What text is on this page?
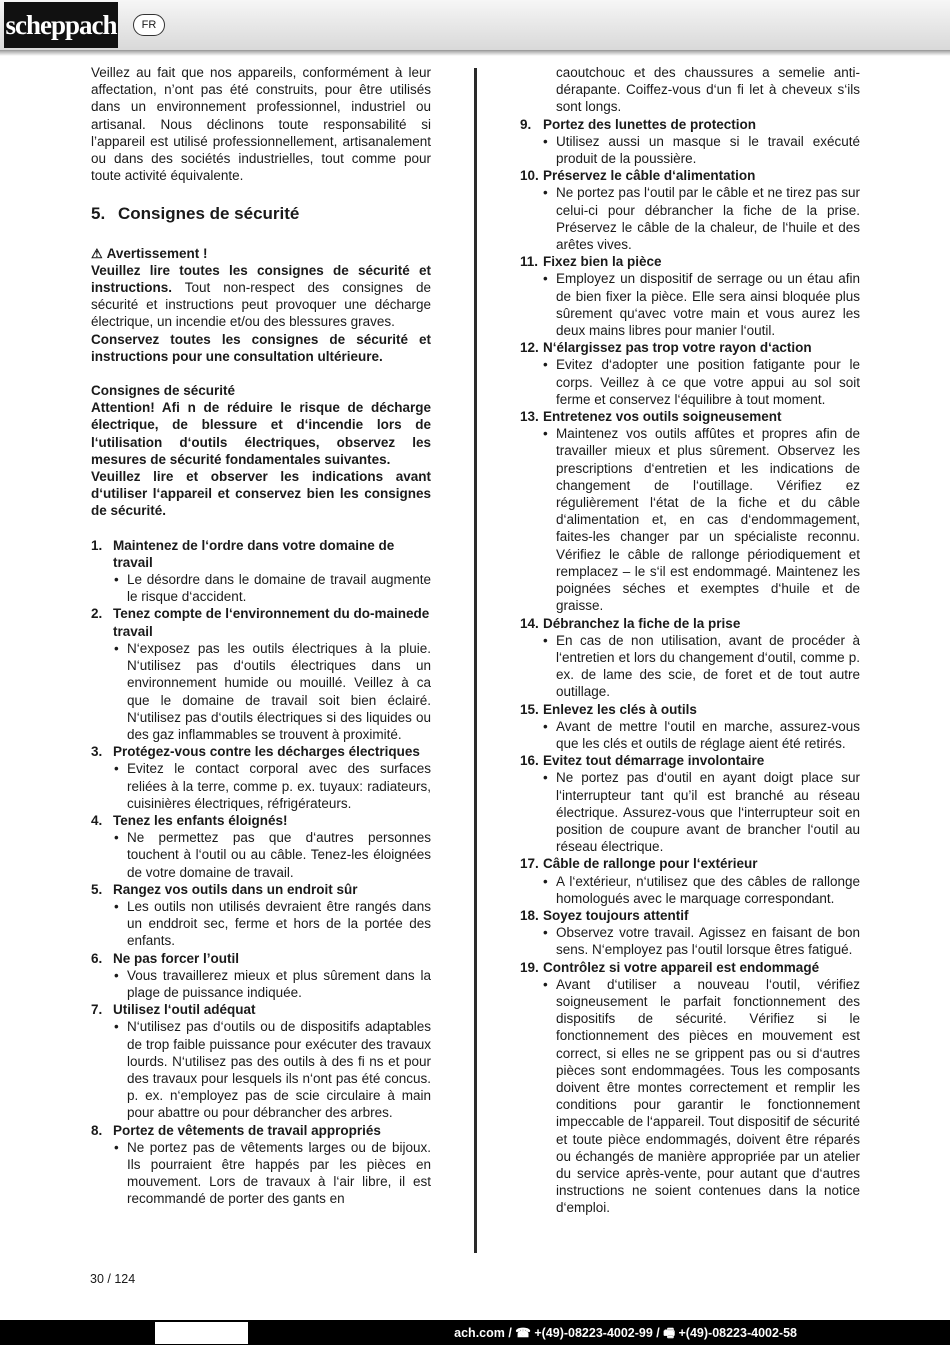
scheppach	FR

Veillez au fait que nos appareils, conformément à leur affectation, n’ont pas été construits, pour être utilisés dans un environnement professionnel, industriel ou artisanal. Nous déclinons toute responsabilité si l’appareil est utilisé professionnellement, artisanalement ou dans des sociétés industrielles, tout comme pour toute activité équivalente.

5. Consignes de sécurité

⚠ Avertissement !

Veuillez lire toutes les consignes de sécurité et instructions. Tout non-respect des consignes de sécurité et instructions peut provoquer une décharge électrique, un incendie et/ou des blessures graves.

Conservez toutes les consignes de sécurité et instructions pour une consultation ultérieure.

Consignes de sécurité

Attention! Afi n de réduire le risque de décharge électrique, de blessure et d‘incendie lors de l‘utilisation d‘outils électriques, observez les mesures de sécurité fondamentales suivantes.

Veuillez lire et observer les indications avant d‘utiliser l‘appareil et conservez bien les consignes de sécurité.

1. Maintenez de l‘ordre dans votre domaine de travail
• Le désordre dans le domaine de travail augmente le risque d‘accident.
2. Tenez compte de l‘environnement du do-mainede travail
• N‘exposez pas les outils électriques à la pluie. N‘utilisez pas d‘outils électriques dans un environnement humide ou mouillé. Veillez à ca que le domaine de travail soit bien éclairé. N‘utilisez pas d‘outils électriques si des liquides ou des gaz inflammables se trouvent à proximité.
3. Protégez-vous contre les décharges électriques
• Evitez le contact corporal avec des surfaces reliées à la terre, comme p. ex. tuyaux: radiateurs, cuisinières électriques, réfrigérateurs.
4. Tenez les enfants éloignés!
• Ne permettez pas que d‘autres personnes touchent à l‘outil ou au câble. Tenez-les éloignées de votre domaine de travail.
5. Rangez vos outils dans un endroit sûr
• Les outils non utilisés devraient être rangés dans un enddroit sec, ferme et hors de la portée des enfants.
6. Ne pas forcer l’outil
• Vous travaillerez mieux et plus sûrement dans la plage de puissance indiquée.
7. Utilisez l‘outil adéquat
• N‘utilisez pas d‘outils ou de dispositifs adaptables de trop faible puissance pour exécuter des travaux lourds. N‘utilisez pas des outils à des fi ns et pour des travaux pour lesquels ils n‘ont pas été concus. p. ex. n‘employez pas de scie circulaire à main pour abattre ou pour débrancher des arbres.
8. Portez de vêtements de travail appropriés
• Ne portez pas de vêtements larges ou de bijoux. Ils pourraient être happés par les pièces en mouvement. Lors de travaux à l‘air libre, il est recommandé de porter des gants en

caoutchouc et des chaussures a semelie anti-dérapante. Coiffez-vous d‘un fi let à cheveux s‘ils sont longs.

9. Portez des lunettes de protection
• Utilisez aussi un masque si le travail exécuté produit de la poussière.
10. Préservez le câble d‘alimentation
• Ne portez pas l‘outil par le câble et ne tirez pas sur celui-ci pour débrancher la fiche de la prise. Préservez le câble de la chaleur, de l‘huile et des arêtes vives.
11. Fixez bien la pièce
• Employez un dispositif de serrage ou un étau afin de bien fixer la pièce. Elle sera ainsi bloquée plus sûrement qu‘avec votre main et vous aurez les deux mains libres pour manier l‘outil.
12. N‘élargissez pas trop votre rayon d‘action
• Evitez d‘adopter une position fatigante pour le corps. Veillez à ce que votre appui au sol soit ferme et conservez l‘équilibre à tout moment.
13. Entretenez vos outils soigneusement
• Maintenez vos outils affûtes et propres afin de travailler mieux et plus sûrement. Observez les prescriptions d‘entretien et les indications de changement de l‘outillage. Vérifiez ez régulièrement l‘état de la fiche et du câble d‘alimentation et, en cas d‘endommagement, faites-les changer par un spécialiste reconnu. Vérifiez le câble de rallonge périodiquement et remplacez – le s‘il est endommagé. Maintenez les poignées séches et exemptes d‘huile et de graisse.
14. Débranchez la fiche de la prise
• En cas de non utilisation, avant de procéder à l‘entretien et lors du changement d‘outil, comme p. ex. de lame des scie, de foret et de tout autre outillage.
15. Enlevez les clés à outils
• Avant de mettre l‘outil en marche, assurez-vous que les clés et outils de réglage aient été retirés.
16. Evitez tout démarrage involontaire
• Ne portez pas d‘outil en ayant doigt place sur l‘interrupteur tant qu’il est branché au réseau électrique. Assurez-vous que l‘interrupteur soit en position de coupure avant de brancher l‘outil au réseau électrique.
17. Câble de rallonge pour l‘extérieur
• A l‘extérieur, n‘utilisez que des câbles de rallonge homologués avec le marquage correspondant.
18. Soyez toujours attentif
• Observez votre travail. Agissez en faisant de bon sens. N‘employez pas l‘outil lorsque êtres fatigué.
19. Contrôlez si votre appareil est endommagé
• Avant d‘utiliser a nouveau l‘outil, vérifiez soigneusement le parfait fonctionnement des dispositifs de sécurité. Vérifiez si le fonctionnement des pièces en mouvement est correct, si elles ne se grippent pas ou si d‘autres pièces sont endommagées. Tous les composants doivent être montes correctement et remplir les conditions pour garantir le fonctionnement impeccable de l‘appareil. Tout dispositif de sécurité et toute pièce endommagés, doivent être réparés ou échangés de manière appropriée par un atelier du service après-vente, pour autant que d‘autres instructions ne soient contenues dans la notice d‘emploi.
30 / 124
ach.com / ☎ +(49)-08223-4002-99 / 🖷 +(49)-08223-4002-58
